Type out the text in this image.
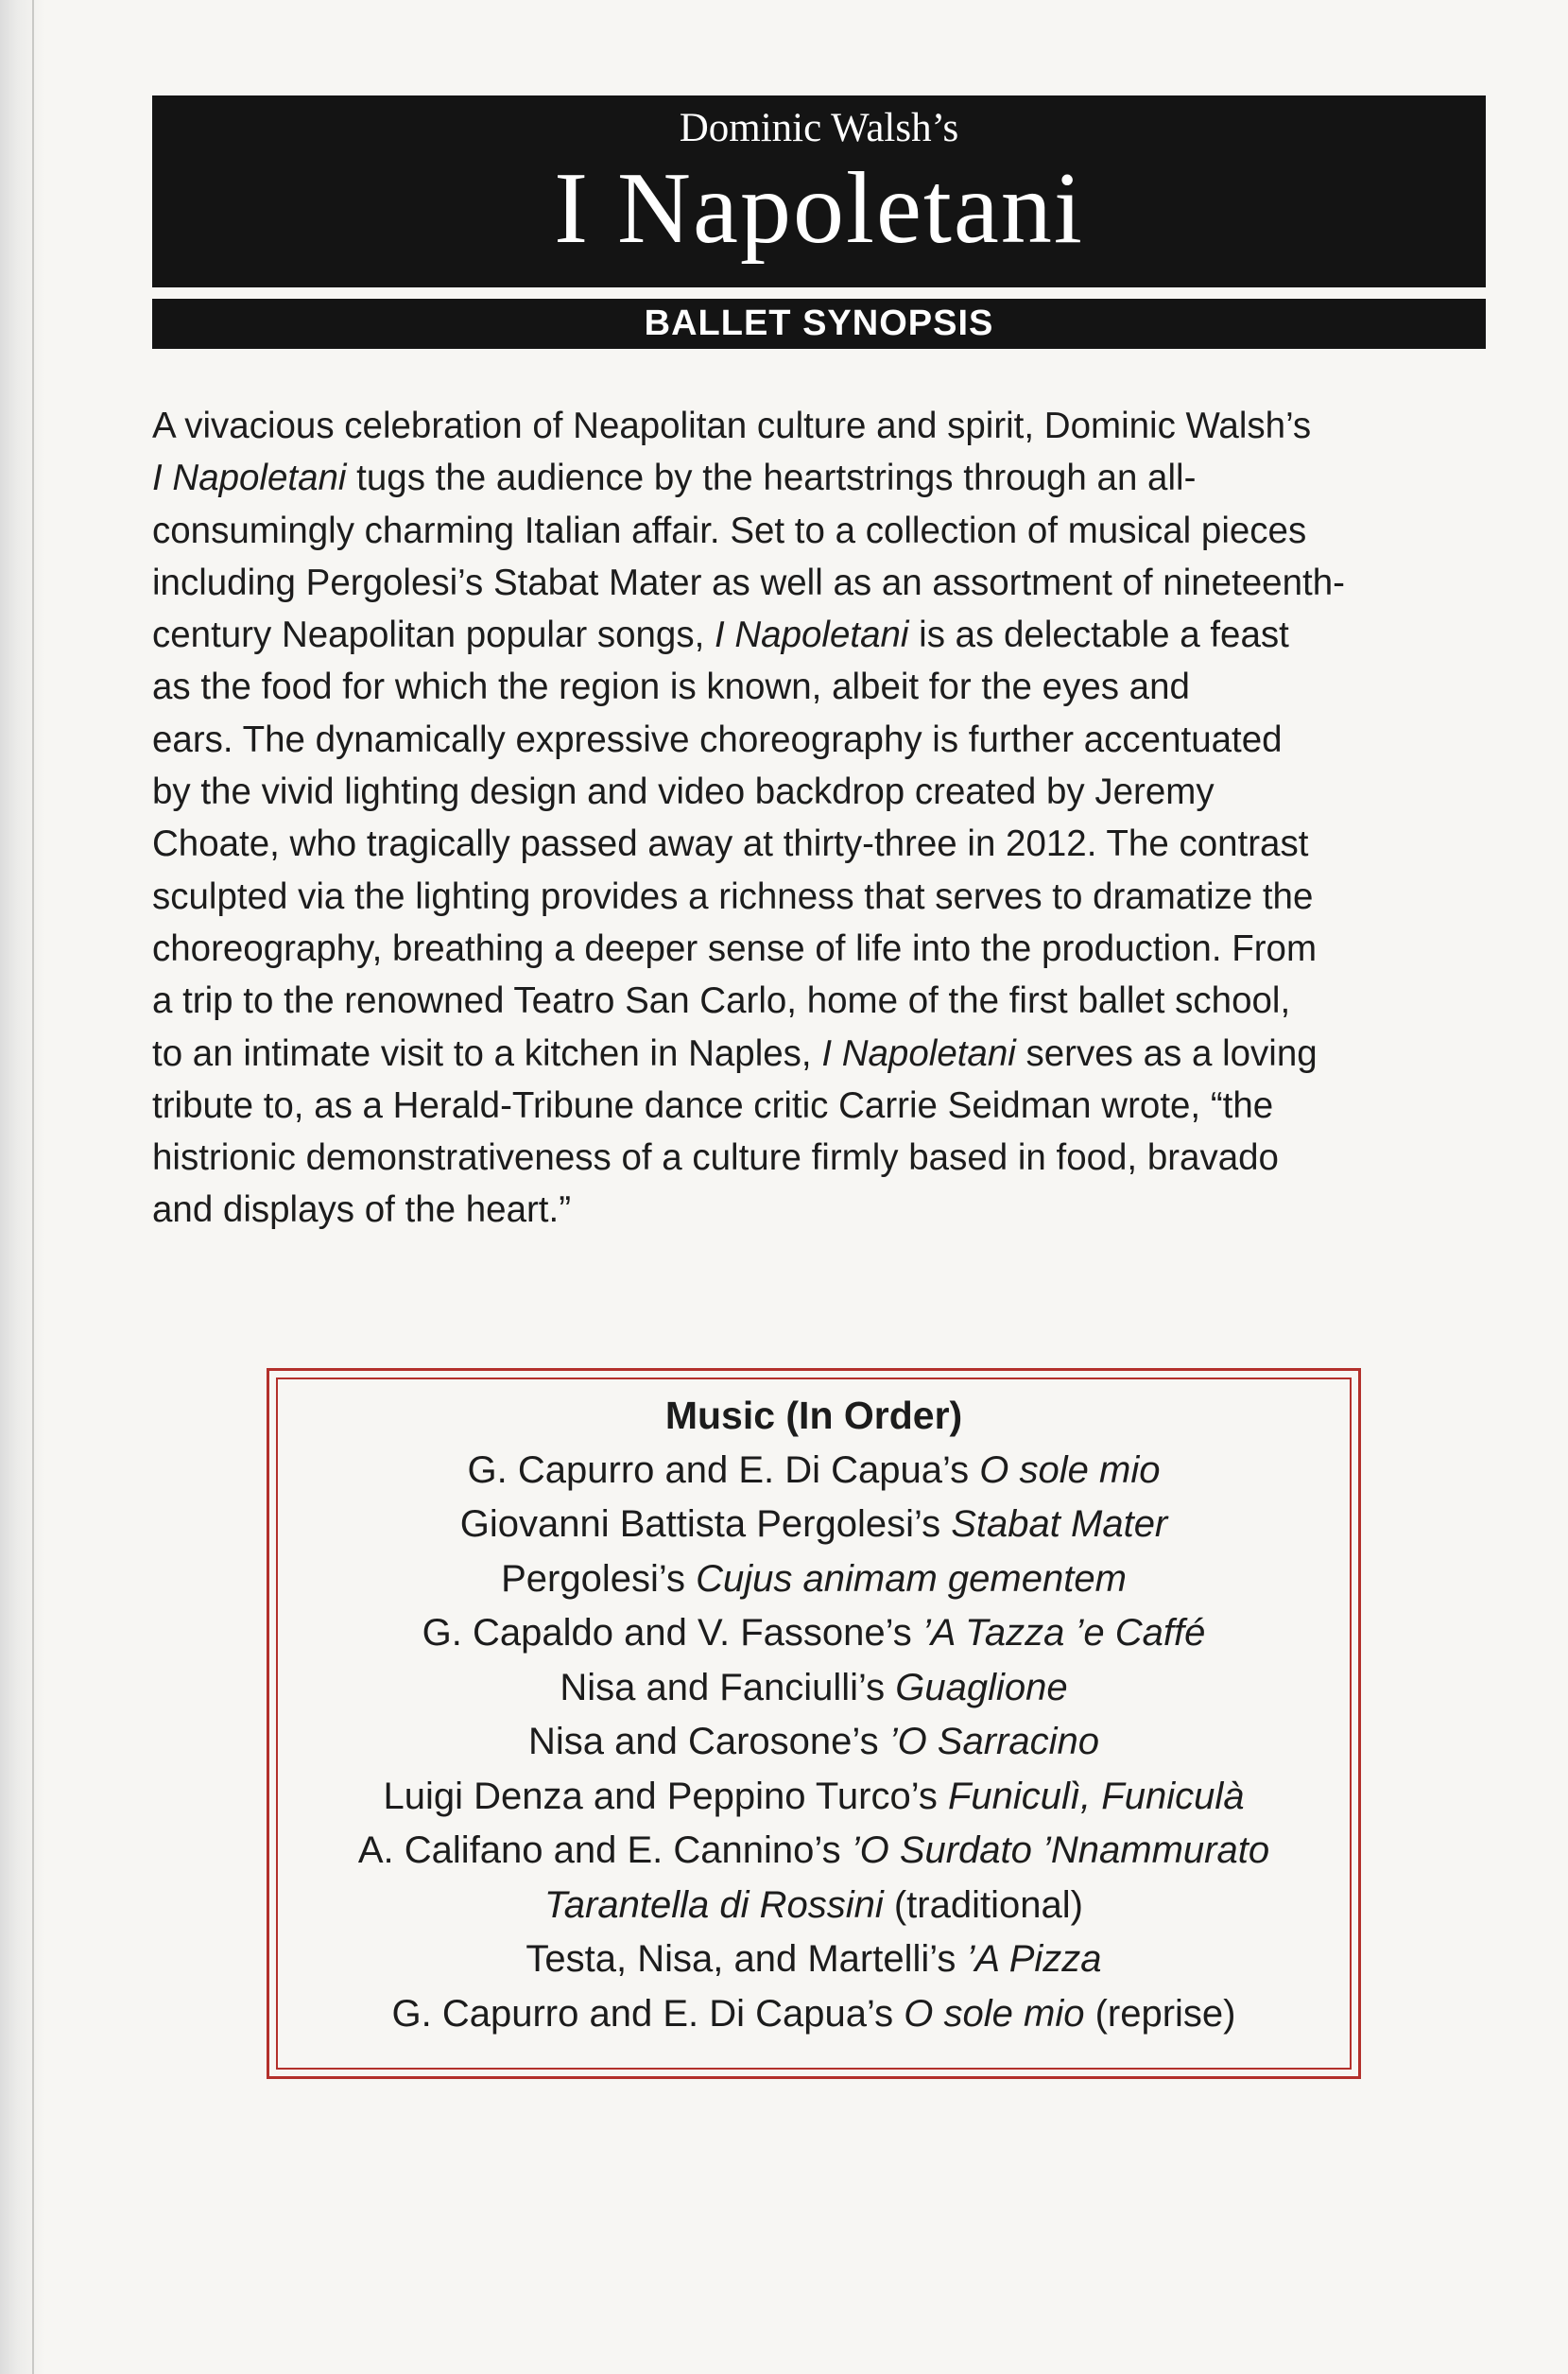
Dominic Walsh’s
I Napoletani
BALLET SYNOPSIS
A vivacious celebration of Neapolitan culture and spirit, Dominic Walsh’s
I Napoletani tugs the audience by the heartstrings through an all-
consumingly charming Italian affair. Set to a collection of musical pieces
including Pergolesi’s Stabat Mater as well as an assortment of nineteenth-
century Neapolitan popular songs, I Napoletani is as delectable a feast
as the food for which the region is known, albeit for the eyes and
ears. The dynamically expressive choreography is further accentuated
by the vivid lighting design and video backdrop created by Jeremy
Choate, who tragically passed away at thirty-three in 2012. The contrast
sculpted via the lighting provides a richness that serves to dramatize the
choreography, breathing a deeper sense of life into the production. From
a trip to the renowned Teatro San Carlo, home of the first ballet school,
to an intimate visit to a kitchen in Naples, I Napoletani serves as a loving
tribute to, as a Herald-Tribune dance critic Carrie Seidman wrote, “the
histrionic demonstrativeness of a culture firmly based in food, bravado
and displays of the heart.”
Music (In Order)
G. Capurro and E. Di Capua’s O sole mio
Giovanni Battista Pergolesi’s Stabat Mater
Pergolesi’s Cujus animam gementem
G. Capaldo and V. Fassone’s ’A Tazza ’e Caffé
Nisa and Fanciulli’s Guaglione
Nisa and Carosone’s ’O Sarracino
Luigi Denza and Peppino Turco’s Funiculì, Funiculà
A. Califano and E. Cannino’s ’O Surdato ’Nnammurato
Tarantella di Rossini (traditional)
Testa, Nisa, and Martelli’s ’A Pizza
G. Capurro and E. Di Capua’s O sole mio (reprise)
